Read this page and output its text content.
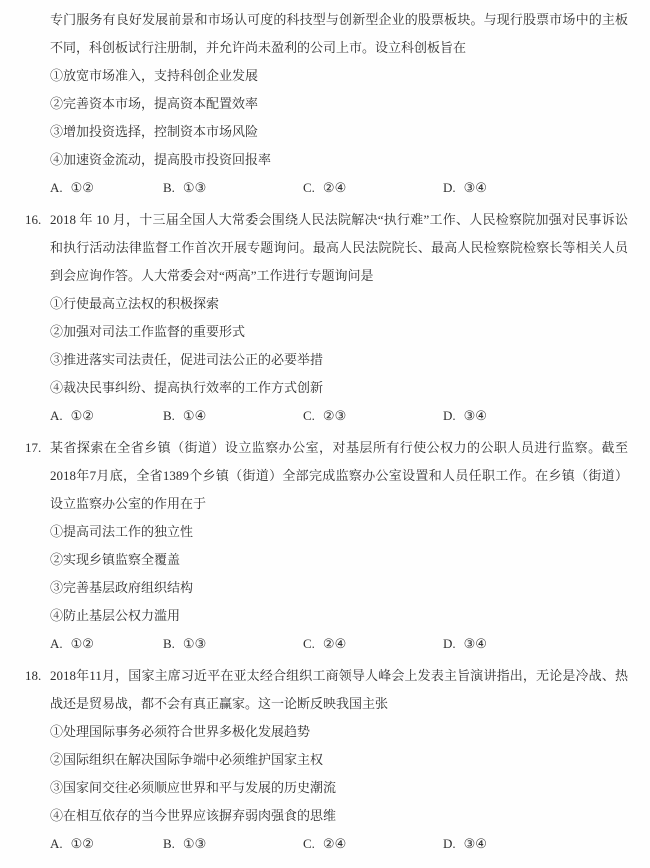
专门服务有良好发展前景和市场认可度的科技型与创新型企业的股票板块。与现行股票市场中的主板不同，科创板试行注册制，并允许尚未盈利的公司上市。设立科创板旨在

①放宽市场准入，支持科创企业发展

②完善资本市场，提高资本配置效率

③增加投资选择，控制资本市场风险

④加速资金流动，提高股市投资回报率

A. ①②	B. ①③	C. ②④	D. ③④
16. 2018 年 10 月，十三届全国人大常委会围绕人民法院解决“执行难”工作、人民检察院加强对民事诉讼和执行活动法律监督工作首次开展专题询问。最高人民法院院长、最高人民检察院检察长等相关人员到会应询作答。人大常委会对“两高”工作进行专题询问是

①行使最高立法权的积极探索

②加强对司法工作监督的重要形式

③推进落实司法责任，促进司法公正的必要举措

④裁决民事纠纷、提高执行效率的工作方式创新

A. ①②	B. ①④	C. ②③	D. ③④
17. 某省探索在全省乡镇（街道）设立监察办公室，对基层所有行使公权力的公职人员进行监察。截至2018年7月底，全省1389个乡镇（街道）全部完成监察办公室设置和人员任职工作。在乡镇（街道）设立监察办公室的作用在于

①提高司法工作的独立性

②实现乡镇监察全覆盖

③完善基层政府组织结构

④防止基层公权力滥用

A. ①②	B. ①③	C. ②④	D. ③④
18. 2018年11月，国家主席习近平在亚太经合组织工商领导人峰会上发表主旨演讲指出，无论是冷战、热战还是贸易战，都不会有真正赢家。这一论断反映我国主张

①处理国际事务必须符合世界多极化发展趋势

②国际组织在解决国际争端中必须维护国家主权

③国家间交往必须顺应世界和平与发展的历史潮流

④在相互依存的当今世界应该摒弃弱肉强食的思维

A. ①②	B. ①③	C. ②④	D. ③④
